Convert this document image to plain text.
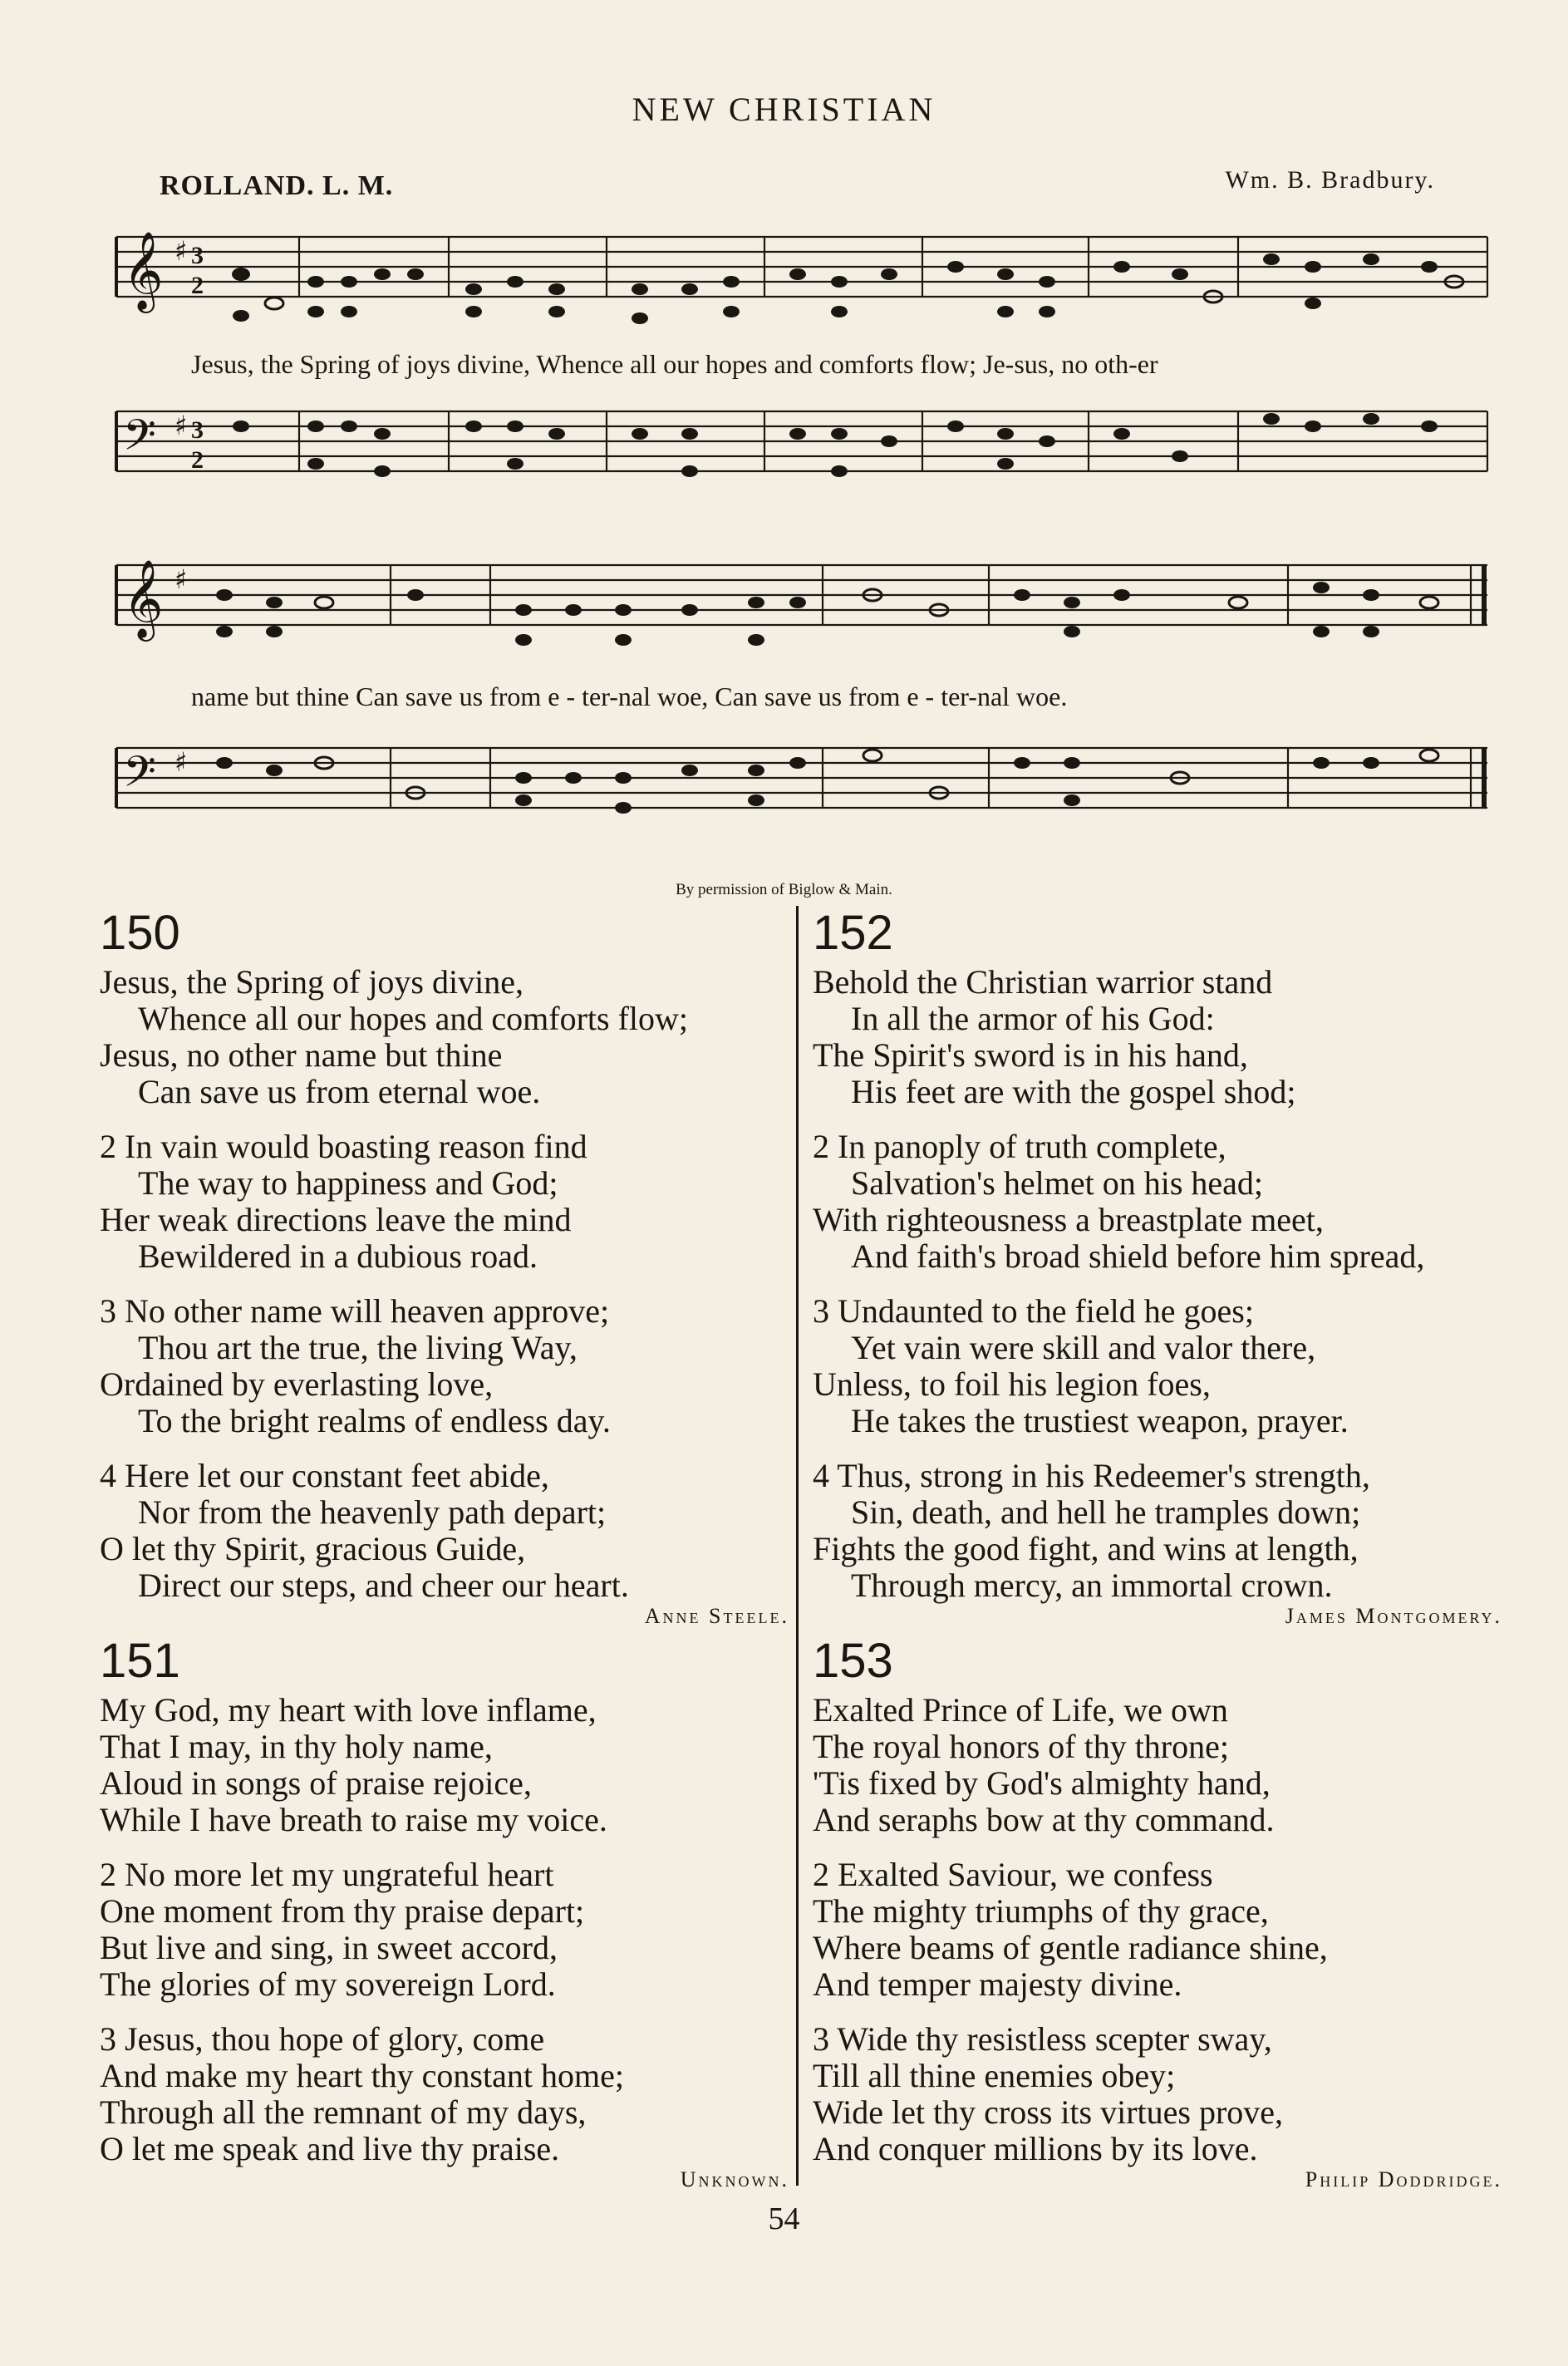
NEW CHRISTIAN
ROLLAND. L. M.	Wm. B. Bradbury.
𝄞 ♯ 3
2
Jesus, the Spring of joys divine, Whence all our hopes and comforts flow; Je-sus, no oth-er
𝄢 ♯ 3
2
𝄞 ♯
name but thine Can save us from e - ter-nal woe, Can save us from e - ter-nal woe.
𝄢 ♯
By permission of Biglow & Main.
150
Jesus, the Spring of joys divine,
Whence all our hopes and comforts flow;
Jesus, no other name but thine
Can save us from eternal woe.
2 In vain would boasting reason find
The way to happiness and God;
Her weak directions leave the mind
Bewildered in a dubious road.
3 No other name will heaven approve;
Thou art the true, the living Way,
Ordained by everlasting love,
To the bright realms of endless day.
4 Here let our constant feet abide,
Nor from the heavenly path depart;
O let thy Spirit, gracious Guide,
Direct our steps, and cheer our heart.
Anne Steele.
151
My God, my heart with love inflame,
That I may, in thy holy name,
Aloud in songs of praise rejoice,
While I have breath to raise my voice.
2 No more let my ungrateful heart
One moment from thy praise depart;
But live and sing, in sweet accord,
The glories of my sovereign Lord.
3 Jesus, thou hope of glory, come
And make my heart thy constant home;
Through all the remnant of my days,
O let me speak and live thy praise.
Unknown.
152
Behold the Christian warrior stand
In all the armor of his God:
The Spirit's sword is in his hand,
His feet are with the gospel shod;
2 In panoply of truth complete,
Salvation's helmet on his head;
With righteousness a breastplate meet,
And faith's broad shield before him spread,
3 Undaunted to the field he goes;
Yet vain were skill and valor there,
Unless, to foil his legion foes,
He takes the trustiest weapon, prayer.
4 Thus, strong in his Redeemer's strength,
Sin, death, and hell he tramples down;
Fights the good fight, and wins at length,
Through mercy, an immortal crown.
James Montgomery.
153
Exalted Prince of Life, we own
The royal honors of thy throne;
'Tis fixed by God's almighty hand,
And seraphs bow at thy command.
2 Exalted Saviour, we confess
The mighty triumphs of thy grace,
Where beams of gentle radiance shine,
And temper majesty divine.
3 Wide thy resistless scepter sway,
Till all thine enemies obey;
Wide let thy cross its virtues prove,
And conquer millions by its love.
Philip Doddridge.
54
